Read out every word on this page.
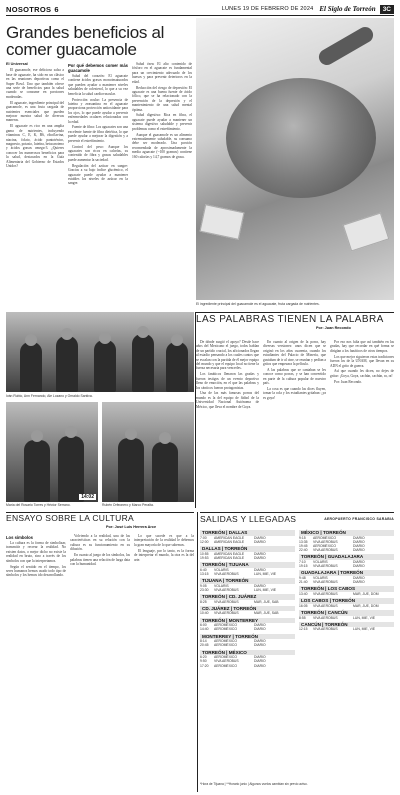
NOSOTROS 6	LUNES 19 DE FEBRERO DE 2024 El Siglo de Torreón	3C
Grandes beneficios al comer guacamole
El Universal

El guacamole, ese delicioso salsa a base de aguacate, ha sido en un clásico en las reuniones deportivas como el Super Bowl. Uno que también ofrece una serie de beneficios para la salud cuando se consume en porciones moderadas.

El aguacate, ingrediente principal del guacamole, es una fruta cargada de nutrientes esenciales que pueden mejorar nuestra salud de diversas maneras.

El aguacate es rico en una amplia gama de nutrientes, incluyendo vitaminas C, E, K, B6, riboflavina, niacina, folato, ácido pantoténico, magnesio, potasio, luteína, betacaroteno y ácidos grasos omega-3. ¿Quieres conocer los numerosos beneficios para la salud, destacados en la Guía Alimentaria del Gobierno de Estados Unidos?

Por qué debemos comer más guacamole

Salud del corazón: El aguacate contiene ácidos grasos monoinsaturados que pueden ayudar a mantener niveles saludables de colesterol, lo que a su vez beneficia la salud cardiovascular.

Protección ocular: La presencia de luteína y zeaxantina en el aguacate proporciona protección antioxidante para los ojos, lo que puede ayudar a prevenir enfermedades oculares relacionadas con la edad.

Fuente de fibra: Los aguacates son una excelente fuente de fibra dietética, lo que puede ayudar a mejorar la digestión y a prevenir el estreñimiento.

Control del peso: Aunque los aguacates son ricos en calorías, su contenido de fibra y grasas saludables puede aumentar la saciedad.

Regulación del azúcar en sangre: Gracias a su bajo índice glucémico, el aguacate puede ayudar a mantener estables los niveles de azúcar en la sangre.

Salud ósea: El alto contenido de fósforo en el aguacate es fundamental para un crecimiento adecuado de los huesos y para prevenir deterioros en la edad.

Reducción del riesgo de depresión: El aguacate es una buena fuente de ácido fólico, que se ha relacionado con la prevención de la depresión y el mantenimiento de una salud mental óptima.

Salud digestiva: Rica en fibra, el aguacate puede ayudar a mantener un sistema digestivo saludable y prevenir problemas como el estreñimiento.

Aunque el guacamole es un alimento extremadamente saludable, su consumo debe ser moderado. Una porción recomendada de aproximadamente la media aguacate (~100 gramos) contiene 160 calorías y 14,7 gramos de grasa.

El ingrediente principal del guacamole es el aguacate, fruta cargada de nutrientes.
Iván Rubio, Ann Fernando, Ale Lozano y Omaldo Santiva.
14:02
María del Rosario Torres y Héctor Serrano.	Rubén Orfeonero y Marco Peralta.
LAS PALABRAS TIENEN LA PALABRA
Por: Juan Recondo

De dónde surgió el apoyo? Desde hace años del Mexicano el juego, todos hablan de un partido crucial, los aficionados llegan al estadio pensando a los cuales cantos que se escalan con la partida de él mejor equipo del mundo y que el equipo local no tiene la fuerza necesaria para vencerles.

Los fanáticos llenaron las gradas y fueron testigos de un evento deportivo lleno de emoción, en el que las palabras y los cánticos fueron protagonistas.

Una de las más famosas porras del mundo es la del equipo de fútbol de la Universidad Nacional Autónoma de México, que lleva el nombre de Goya.

En cuanto al origen de la porra, hay diversas versiones: unos dicen que se originó en los años cuarenta, cuando los estudiantes del Palacio de Minería, que gustaban de ir al cine, se reunían y pedían a gritos que empezara la película.

A las palabras que se cantaban se les conoce como porras, y se han convertido en parte de la cultura popular de nuestro país.

La cosa es que cuando las dices fluyen, tomar la cola y los estudiantes gritaban: ¡ya es goya!

Por eso nos falta que así también en las gradas, hay que recordar en qué forma se dirigían a los fanáticos de otros tiempos.

Los que mejor siguieron estas tradiciones fueron los de la UNAM, que llevan en su ADN el grito de guerra.

Así que cuando les dicen, no dejes de gritar: ¡Goya, Goya, cachún, cachún, ra, ra!

Por: Juan Recondo.

ENSAYO SOBRE LA CULTURA
Por: José Luis Herrera Arce
Los símbolos

La cultura es la forma de simbolizar, transmitir y recrear la realidad. No existen datos, o mejor dicho no existe la realidad en bruto, sino a través de los símbolos con que la interpretamos.

Según el sentido en el tiempo, los seres humanos hemos usado todo tipo de símbolos y los hemos ido desarrollando.

Volviendo a la realidad, una de las características en su relación con la cultura es su funcionamiento en su difusión.

En cuanto al juego de los símbolos, las palabras tienen una relación de larga data con la humanidad.

Lo que sucede es que a la interpretación de la realidad le debemos la gran mayoría de lo que sabemos.

El lenguaje, por lo tanto, es la forma de interpretar el mundo, la otra es la del arte.

SALIDAS Y LLEGADAS	AEROPUERTO FRANCISCO SARABIA
TORREÓN | DALLAS
7:00	AMERICAN EAGLE	DIARIO
12:00	AMERICAN EAGLE	DIARIO
DALLAS | TORREÓN
10:55	AMERICAN EAGLE	DIARIO
19:53	AMERICAN EAGLE	DIARIO
TORREÓN | TIJUANA
6:40	VOLARIS	DIARIO
13:15	VIVA AEROBUS	LUN, MIE, VIE
TIJUANA | TORREÓN
9:05	VOLARIS	DIARIO
23:30	VIVA AEROBUS	LUN, MIE, VIE
TORREÓN | CD. JUÁREZ
8:25	VIVA AEROBUS	MAR, JUE, SAB
CD. JUÁREZ | TORREÓN
10:40	VIVA AEROBUS	MAR, JUE, SAB
TORREÓN | MONTERREY
6:00	AEROMÉXICO	DIARIO
14:40	AEROMÉXICO	DIARIO
MONTERREY | TORREÓN
8:14	AEROMÉXICO	DIARIO
20:45	AEROMÉXICO	DIARIO
TORREÓN | MÉXICO
6:20	AEROMÉXICO	DIARIO
9:50	VIVA AEROBUS	DIARIO
17:20	AEROMÉXICO	DIARIO
MÉXICO | TORREÓN
9:15	AEROMÉXICO	DIARIO
13:35	VIVA AEROBUS	DIARIO
19:45	AEROMÉXICO	DIARIO
22:40	VIVA AEROBUS	DIARIO
TORREÓN | GUADALAJARA
7:10	VOLARIS	DIARIO
19:15	VIVA AEROBUS	DIARIO
GUADALAJARA | TORREÓN
9:48	VOLARIS	DIARIO
21:40	VIVA AEROBUS	DIARIO
TORREÓN | LOS CABOS
13:40	VIVA AEROBUS	MAR, JUE, DOM
LOS CABOS | TORREÓN
16:05	VIVA AEROBUS	MAR, JUE, DOM
TORREÓN | CANCÚN
8:55	VIVA AEROBUS	LUN, MIE, VIE
CANCÚN | TORREÓN
12:15	VIVA AEROBUS	LUN, MIE, VIE
*Hora de Tijuana | **Horario junio | Algunos vuelos cambian sin previo aviso.
